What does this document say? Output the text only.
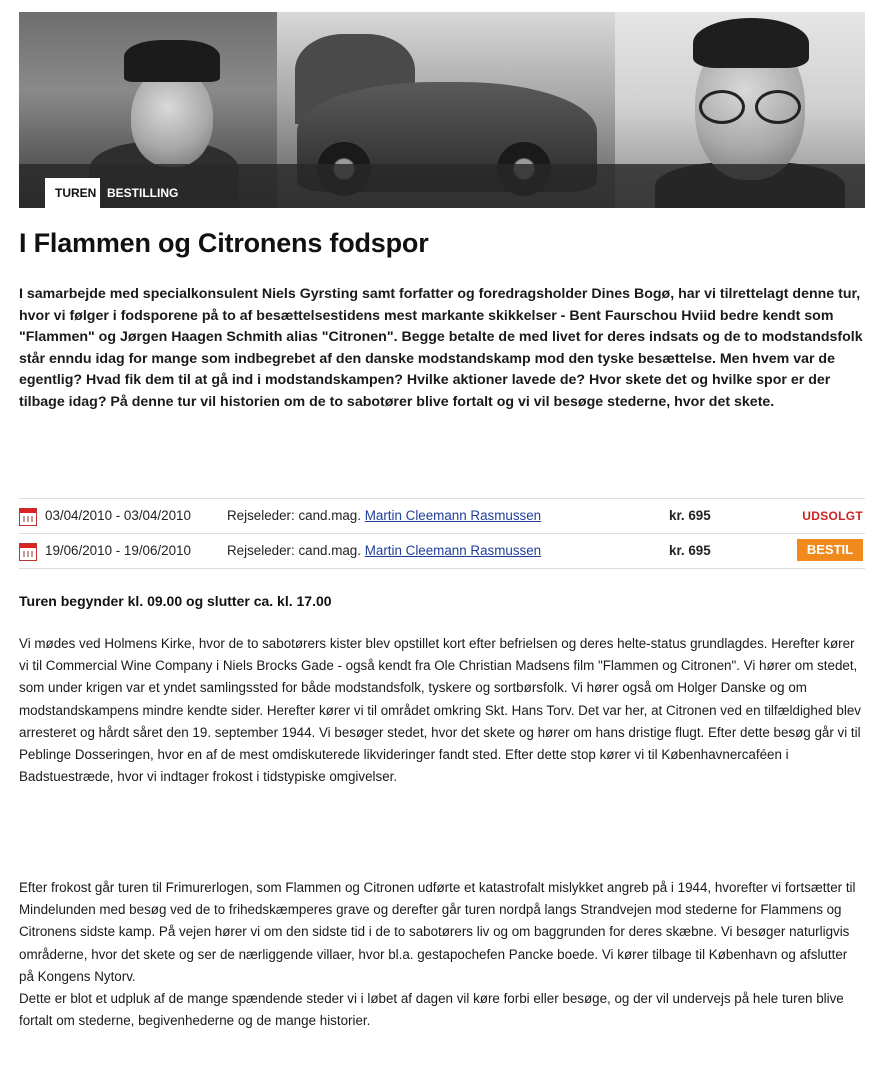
TUREN BESTILLING
I Flammen og Citronens fodspor

I samarbejde med specialkonsulent Niels Gyrsting samt forfatter og foredragsholder Dines Bogø, har vi tilrettelagt denne tur, hvor vi følger i fodsporene på to af besættelsestidens mest markante skikkelser - Bent Faurschou Hviid bedre kendt som "Flammen" og Jørgen Haagen Schmith alias "Citronen". Begge betalte de med livet for deres indsats og de to modstandsfolk står enndu idag for mange som indbegrebet af den danske modstandskamp mod den tyske besættelse. Men hvem var de egentlig? Hvad fik dem til at gå ind i modstandskampen? Hvilke aktioner lavede de? Hvor skete det og hvilke spor er der tilbage idag? På denne tur vil historien om de to sabotører blive fortalt og vi vil besøge stederne, hvor det skete.

03/04/2010 - 03/04/2010	Rejseleder: cand.mag. Martin Cleemann Rasmussen	kr. 695	UDSOLGT
19/06/2010 - 19/06/2010	Rejseleder: cand.mag. Martin Cleemann Rasmussen	kr. 695	BESTIL

Turen begynder kl. 09.00 og slutter ca. kl. 17.00

Vi mødes ved Holmens Kirke, hvor de to sabotørers kister blev opstillet kort efter befrielsen og deres helte-status grundlagdes. Herefter kører vi til Commercial Wine Company i Niels Brocks Gade - også kendt fra Ole Christian Madsens film "Flammen og Citronen". Vi hører om stedet, som under krigen var et yndet samlingssted for både modstandsfolk, tyskere og sortbørsfolk. Vi hører også om Holger Danske og om modstandskampens mindre kendte sider. Herefter kører vi til området omkring Skt. Hans Torv. Det var her, at Citronen ved en tilfældighed blev arresteret og hårdt såret den 19. september 1944. Vi besøger stedet, hvor det skete og hører om hans dristige flugt. Efter dette besøg går vi til Peblinge Dosseringen, hvor en af de mest omdiskuterede likvideringer fandt sted. Efter dette stop kører vi til Københavnercaféen i Badstuestræde, hvor vi indtager frokost i tidstypiske omgivelser.

Efter frokost går turen til Frimurerlogen, som Flammen og Citronen udførte et katastrofalt mislykket angreb på i 1944, hvorefter vi fortsætter til Mindelunden med besøg ved de to frihedskæmperes grave og derefter går turen nordpå langs Strandvejen mod stederne for Flammens og Citronens sidste kamp. På vejen hører vi om den sidste tid i de to sabotørers liv og om baggrunden for deres skæbne. Vi besøger naturligvis områderne, hvor det skete og ser de nærliggende villaer, hvor bl.a. gestapochefen Pancke boede. Vi kører tilbage til København og afslutter på Kongens Nytorv.

Dette er blot et udpluk af de mange spændende steder vi i løbet af dagen vil køre forbi eller besøge, og der vil undervejs på hele turen blive fortalt om stederne, begivenhederne og de mange historier.
